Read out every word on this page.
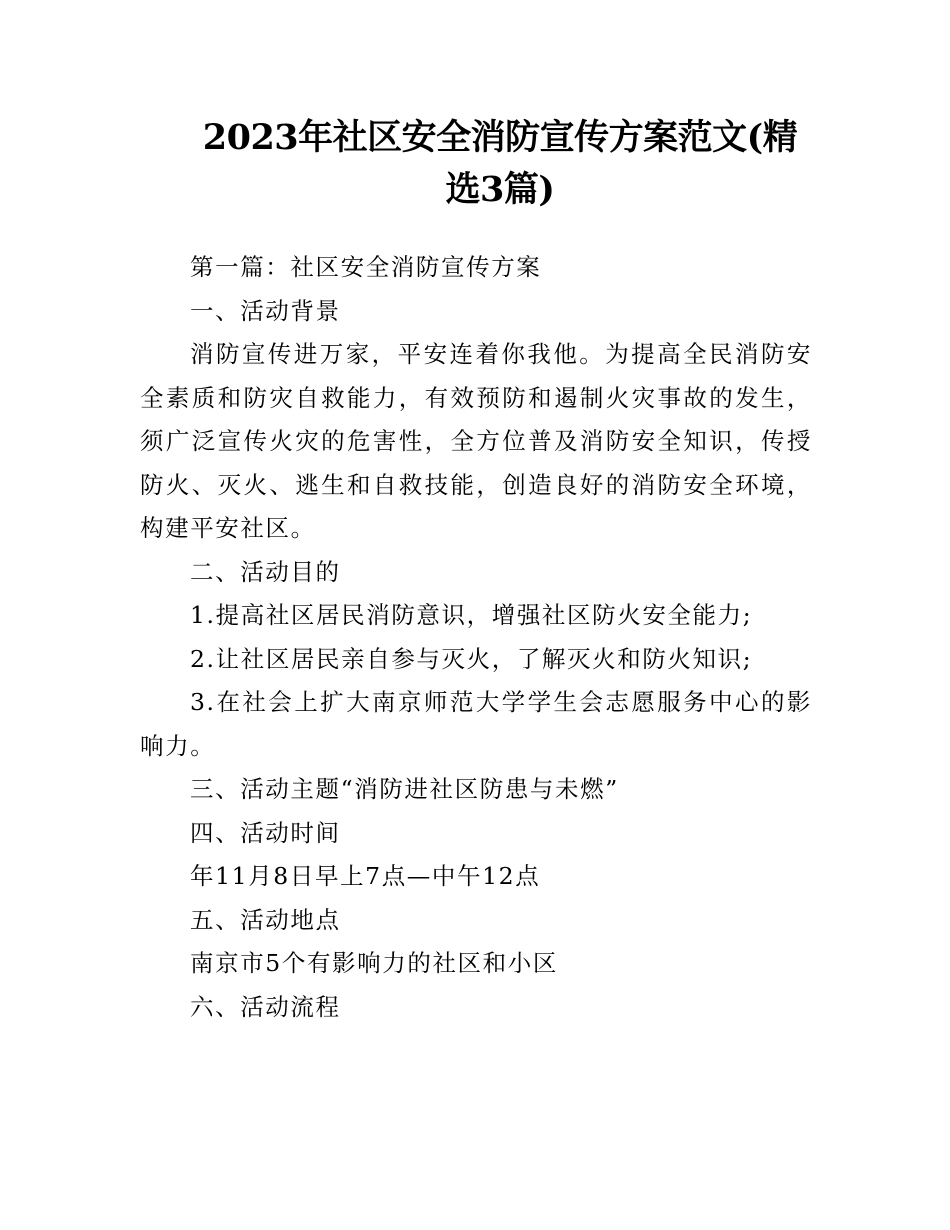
2023年社区安全消防宣传方案范文(精选3篇)

第一篇：社区安全消防宣传方案

一、活动背景

消防宣传进万家，平安连着你我他。为提高全民消防安全素质和防灾自救能力，有效预防和遏制火灾事故的发生，须广泛宣传火灾的危害性，全方位普及消防安全知识，传授防火、灭火、逃生和自救技能，创造良好的消防安全环境，构建平安社区。

二、活动目的

1.提高社区居民消防意识，增强社区防火安全能力;

2.让社区居民亲自参与灭火，了解灭火和防火知识;

3.在社会上扩大南京师范大学学生会志愿服务中心的影响力。

三、活动主题“消防进社区防患与未燃”

四、活动时间

年11月8日早上7点—中午12点

五、活动地点

南京市5个有影响力的社区和小区

六、活动流程
